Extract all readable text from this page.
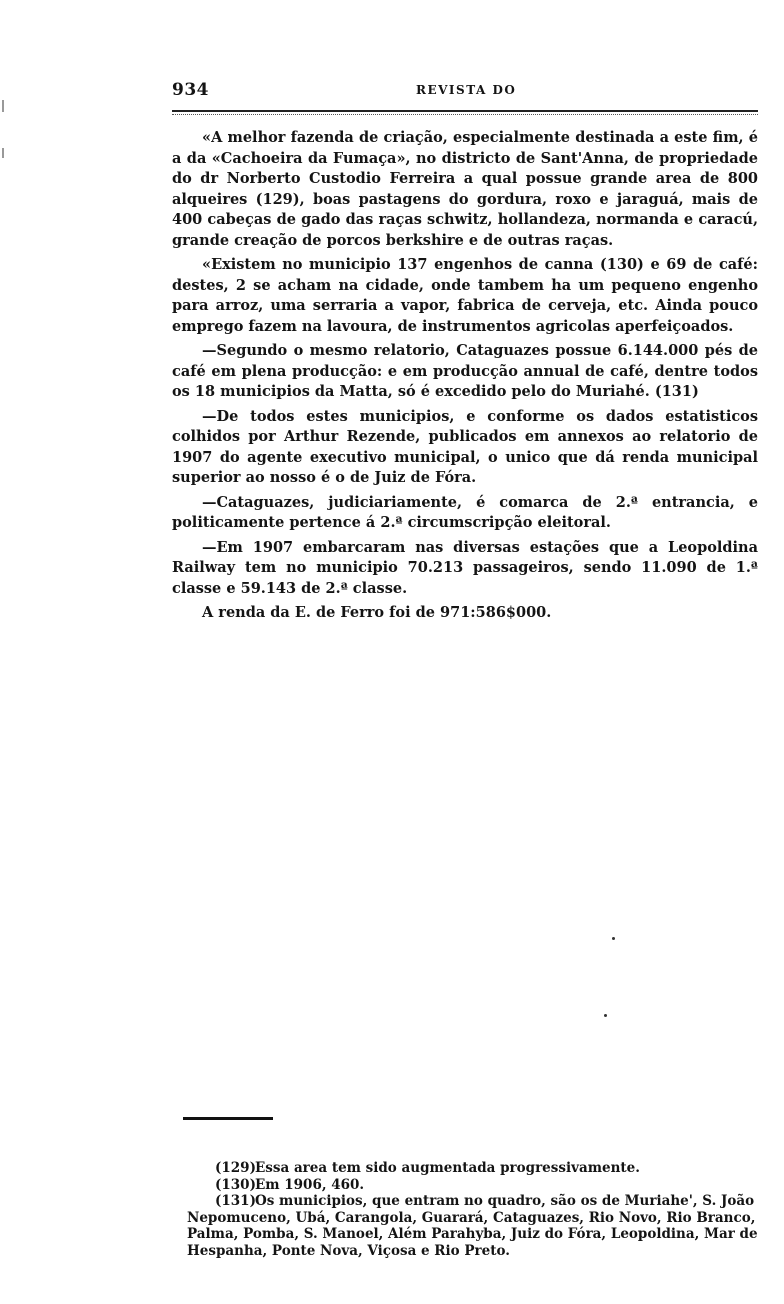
934	REVISTA DO

«A melhor fazenda de criação, especialmente destinada a este fim, é a da «Cachoeira da Fumaça», no districto de Sant'Anna, de propriedade do dr Norberto Custodio Ferreira a qual possue grande area de 800 alqueires (129), boas pastagens do gordura, roxo e jaraguá, mais de 400 cabeças de gado das raças schwitz, hollandeza, normanda e caracú, grande creação de porcos berkshire e de outras raças.

«Existem no municipio 137 engenhos de canna (130) e 69 de café: destes, 2 se acham na cidade, onde tambem ha um pequeno engenho para arroz, uma serraria a vapor, fabrica de cerveja, etc. Ainda pouco emprego fazem na lavoura, de instrumentos agricolas aperfeiçoados.

—Segundo o mesmo relatorio, Cataguazes possue 6.144.000 pés de café em plena producção: e em producção annual de café, dentre todos os 18 municipios da Matta, só é excedido pelo do Muriahé. (131)

—De todos estes municipios, e conforme os dados estatisticos colhidos por Arthur Rezende, publicados em annexos ao relatorio de 1907 do agente executivo municipal, o unico que dá renda municipal superior ao nosso é o de Juiz de Fóra.

—Cataguazes, judiciariamente, é comarca de 2.ª entrancia, e politicamente pertence á 2.ª circumscripção eleitoral.

—Em 1907 embarcaram nas diversas estações que a Leopoldina Railway tem no municipio 70.213 passageiros, sendo 11.090 de 1.ª classe e 59.143 de 2.ª classe.

A renda da E. de Ferro foi de 971:586$000.

(129)Essa area tem sido augmentada progressivamente.

(130)Em 1906, 460.

(131)Os municipios, que entram no quadro, são os de Muriahe', S. João Nepomuceno, Ubá, Carangola, Guarará, Cataguazes, Rio Novo, Rio Branco, Palma, Pomba, S. Manoel, Além Parahyba, Juiz do Fóra, Leopoldina, Mar de Hespanha, Ponte Nova, Viçosa e Rio Preto.
